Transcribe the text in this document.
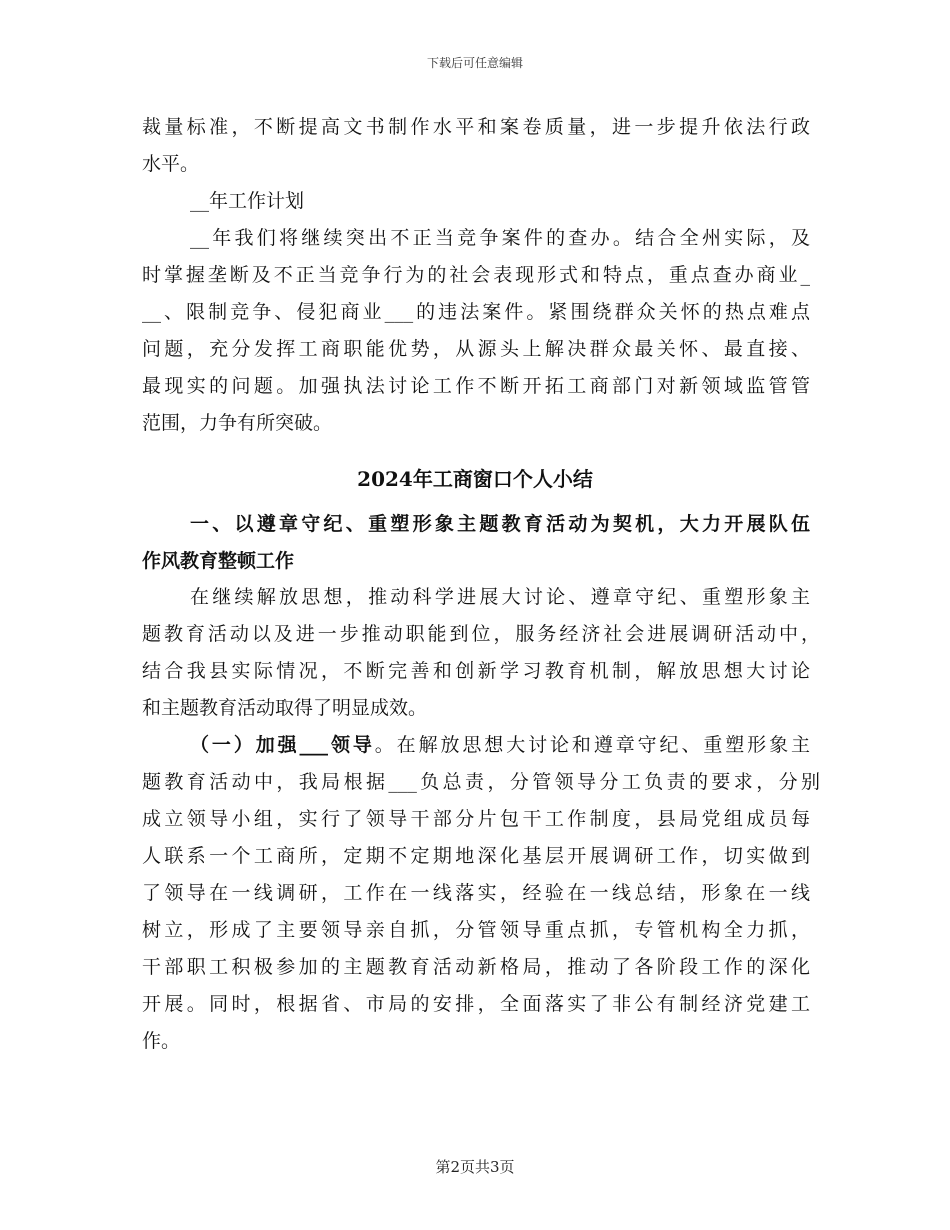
下载后可任意编辑
裁量标准，不断提高文书制作水平和案卷质量，进一步提升依法行政
水平。
__年工作计划
__年我们将继续突出不正当竞争案件的查办。结合全州实际，及
时掌握垄断及不正当竞争行为的社会表现形式和特点，重点查办商业_
__、限制竞争、侵犯商业___的违法案件。紧围绕群众关怀的热点难点
问题，充分发挥工商职能优势，从源头上解决群众最关怀、最直接、
最现实的问题。加强执法讨论工作不断开拓工商部门对新领域监管管
范围，力争有所突破。
2024年工商窗口个人小结
一、以遵章守纪、重塑形象主题教育活动为契机，大力开展队伍
作风教育整顿工作
在继续解放思想，推动科学进展大讨论、遵章守纪、重塑形象主
题教育活动以及进一步推动职能到位，服务经济社会进展调研活动中，
结合我县实际情况，不断完善和创新学习教育机制，解放思想大讨论
和主题教育活动取得了明显成效。
（一）加强___领导。在解放思想大讨论和遵章守纪、重塑形象主
题教育活动中，我局根据___负总责，分管领导分工负责的要求，分别
成立领导小组，实行了领导干部分片包干工作制度，县局党组成员每
人联系一个工商所，定期不定期地深化基层开展调研工作，切实做到
了领导在一线调研，工作在一线落实，经验在一线总结，形象在一线
树立，形成了主要领导亲自抓，分管领导重点抓，专管机构全力抓，
干部职工积极参加的主题教育活动新格局，推动了各阶段工作的深化
开展。同时，根据省、市局的安排，全面落实了非公有制经济党建工
作。
第2页共3页
